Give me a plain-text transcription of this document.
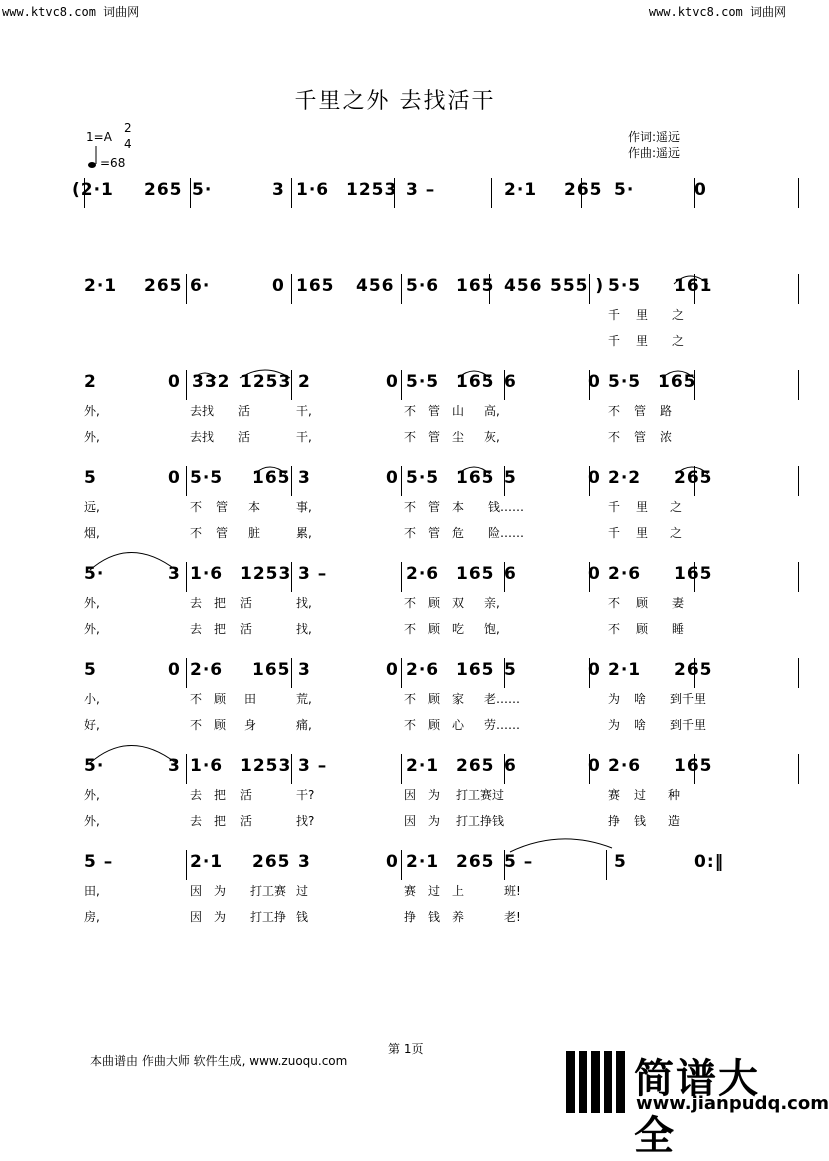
www.ktvc8.com 词曲网	www.ktvc8.com 词曲网
千里之外 去找活干
1=A
2
4
=68
作词:遥远
作曲:遥远
(2·1 265 5·	3 1·6 1253 3 –	2·1 265 5·	0
2·1 265 6·	0 165 456 5·6 165 456 555 ) 5·5 161
千 里 之
千 里 之
2	0 332 1253 2	0 5·5 165 6	0 5·5 165
外,	去找 活	干,	不 管 山 高,	不 管 路
外,	去找 活	干,	不 管 尘 灰,	不 管 浓
5	0 5·5 165 3	0 5·5 165 5	0 2·2 265
远,	不 管 本	事,	不 管 本 钱……	千 里 之
烟,	不 管 脏	累,	不 管 危 险……	千 里 之
5·	3 1·6 1253 3 –	2·6 165 6	0 2·6 165
外,	去 把 活	找,	不 顾 双 亲,	不 顾 妻
外,	去 把 活	找,	不 顾 吃 饱,	不 顾 睡
5	0 2·6 165 3	0 2·6 165 5	0 2·1 265
小,	不 顾 田	荒,	不 顾 家 老……	为 啥 到千里
好,	不 顾 身	痛,	不 顾 心 劳……	为 啥 到千里
5·	3 1·6 1253 3 –	2·1 265 6	0 2·6 165
外,	去 把 活	干?	因 为 打工赛过	赛 过 种
外,	去 把 活	找?	因 为 打工挣钱	挣 钱 造
5 –	2·1 265 3	0 2·1 265 5 –	5	0:‖
田,	因 为 打工赛 过	赛 过 上	班!
房,	因 为 打工挣 钱	挣 钱 养	老!
第 1页
本曲谱由 作曲大师 软件生成, www.zuoqu.com	简谱大全
www.jianpudq.com
